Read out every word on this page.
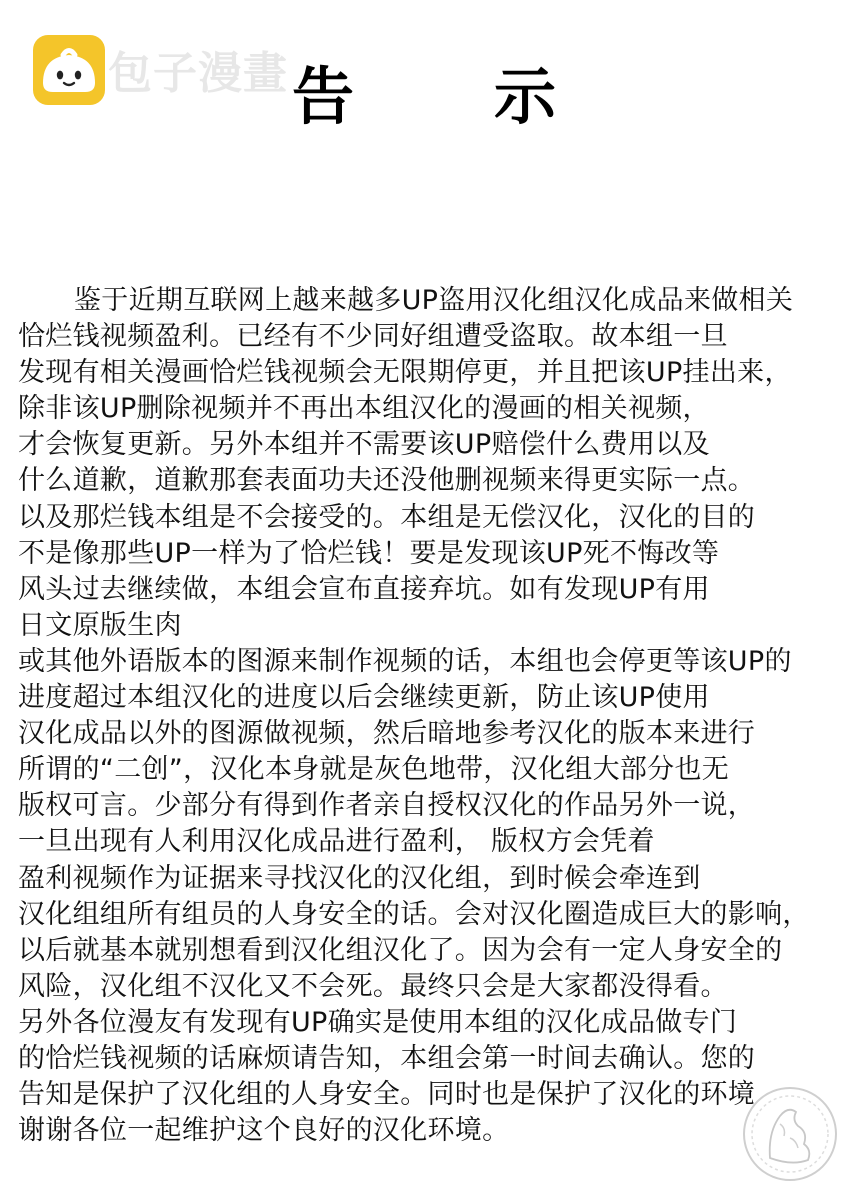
包子漫畫 告 示
鉴于近期互联网上越来越多UP盗用汉化组汉化成品来做相关
恰烂钱视频盈利。已经有不少同好组遭受盗取。故本组一旦
发现有相关漫画恰烂钱视频会无限期停更，并且把该UP挂出来，
除非该UP删除视频并不再出本组汉化的漫画的相关视频，
才会恢复更新。另外本组并不需要该UP赔偿什么费用以及
什么道歉，道歉那套表面功夫还没他删视频来得更实际一点。
以及那烂钱本组是不会接受的。本组是无偿汉化，汉化的目的
不是像那些UP一样为了恰烂钱！要是发现该UP死不悔改等
风头过去继续做，本组会宣布直接弃坑。如有发现UP有用
日文原版生肉
或其他外语版本的图源来制作视频的话，本组也会停更等该UP的
进度超过本组汉化的进度以后会继续更新，防止该UP使用
汉化成品以外的图源做视频，然后暗地参考汉化的版本来进行
所谓的“二创”，汉化本身就是灰色地带，汉化组大部分也无
版权可言。少部分有得到作者亲自授权汉化的作品另外一说，
一旦出现有人利用汉化成品进行盈利， 版权方会凭着
盈利视频作为证据来寻找汉化的汉化组，到时候会牵连到
汉化组组所有组员的人身安全的话。会对汉化圈造成巨大的影响，
以后就基本就别想看到汉化组汉化了。因为会有一定人身安全的
风险，汉化组不汉化又不会死。最终只会是大家都没得看。
另外各位漫友有发现有UP确实是使用本组的汉化成品做专门
的恰烂钱视频的话麻烦请告知，本组会第一时间去确认。您的
告知是保护了汉化组的人身安全。同时也是保护了汉化的环境
谢谢各位一起维护这个良好的汉化环境。
